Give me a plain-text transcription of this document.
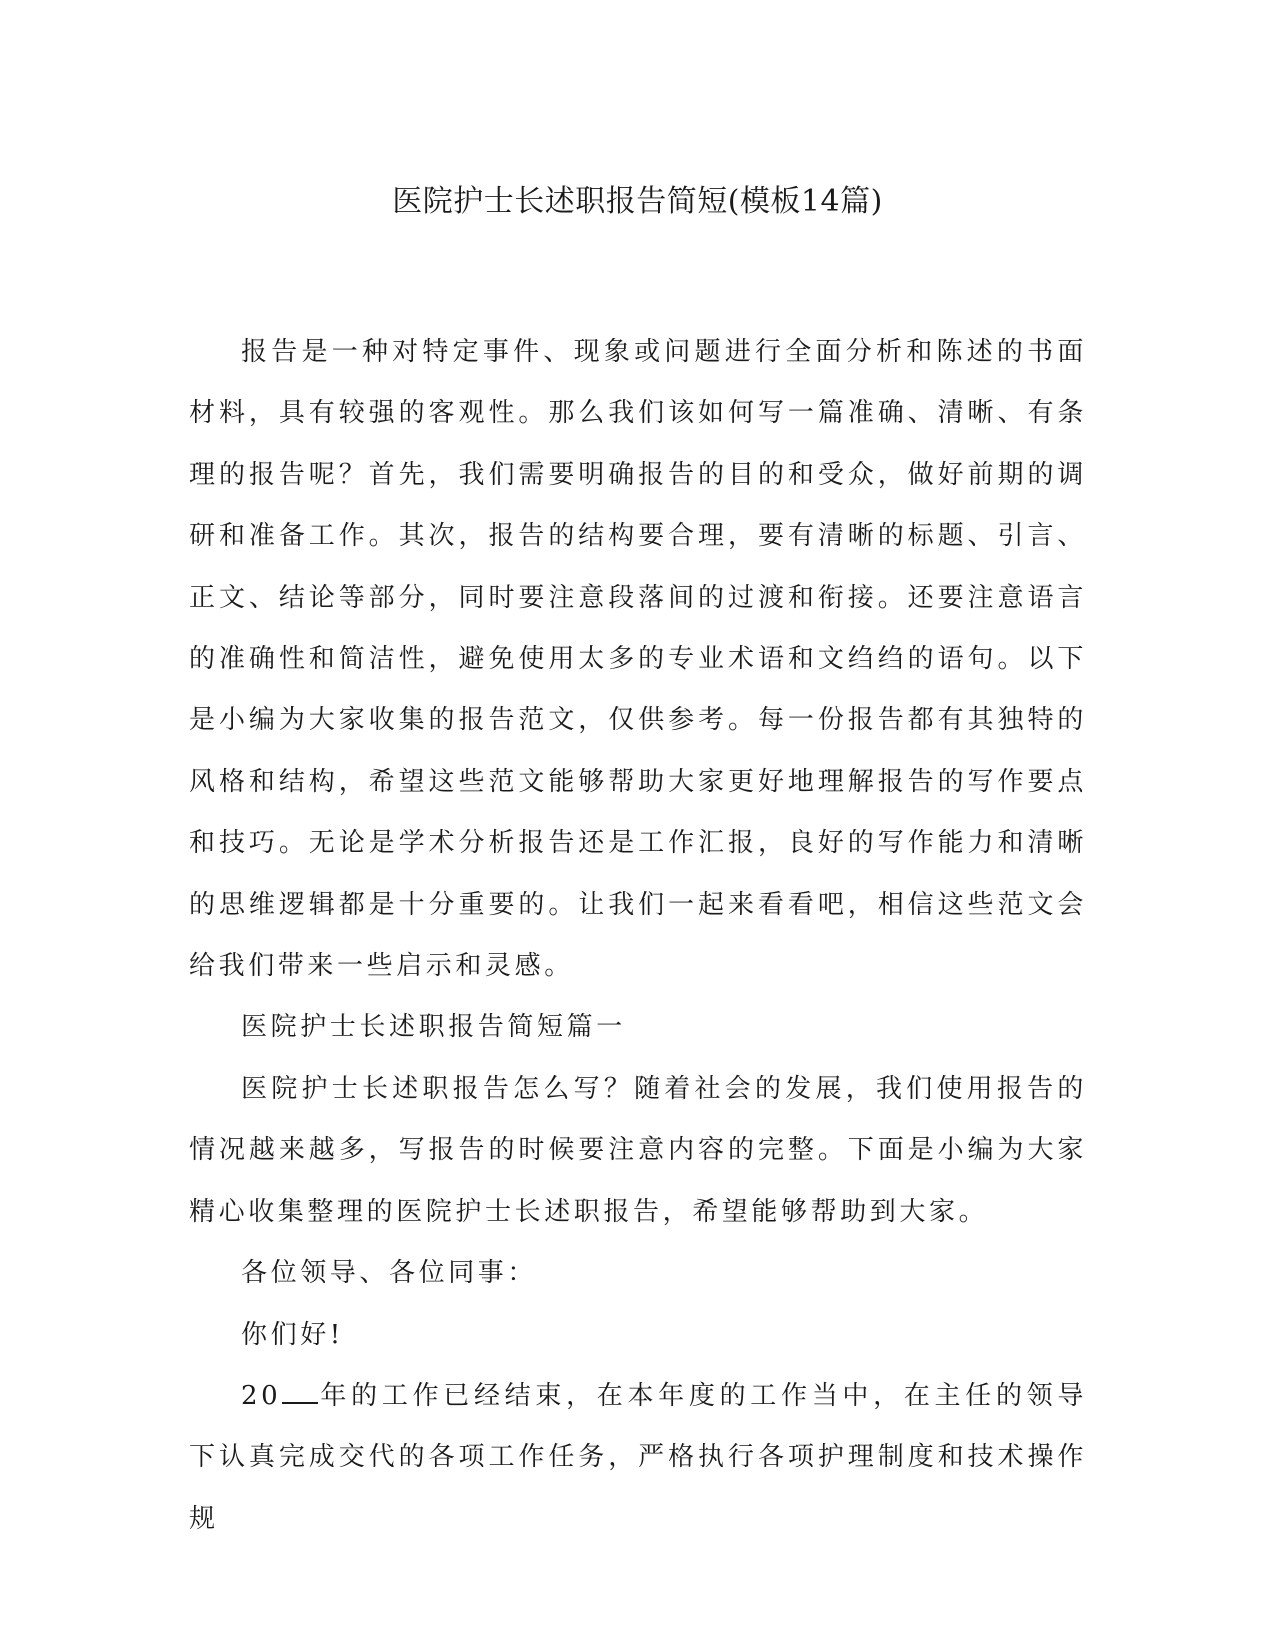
医院护士长述职报告简短(模板14篇)

报告是一种对特定事件、现象或问题进行全面分析和陈述的书面材料，具有较强的客观性。那么我们该如何写一篇准确、清晰、有条理的报告呢？首先，我们需要明确报告的目的和受众，做好前期的调研和准备工作。其次，报告的结构要合理，要有清晰的标题、引言、正文、结论等部分，同时要注意段落间的过渡和衔接。还要注意语言的准确性和简洁性，避免使用太多的专业术语和文绉绉的语句。以下是小编为大家收集的报告范文，仅供参考。每一份报告都有其独特的风格和结构，希望这些范文能够帮助大家更好地理解报告的写作要点和技巧。无论是学术分析报告还是工作汇报，良好的写作能力和清晰的思维逻辑都是十分重要的。让我们一起来看看吧，相信这些范文会给我们带来一些启示和灵感。

医院护士长述职报告简短篇一

医院护士长述职报告怎么写？随着社会的发展，我们使用报告的情况越来越多，写报告的时候要注意内容的完整。下面是小编为大家精心收集整理的医院护士长述职报告，希望能够帮助到大家。

各位领导、各位同事：

你们好!

20 年的工作已经结束，在本年度的工作当中，在主任的领导下认真完成交代的各项工作任务，严格执行各项护理制度和技术操作规
